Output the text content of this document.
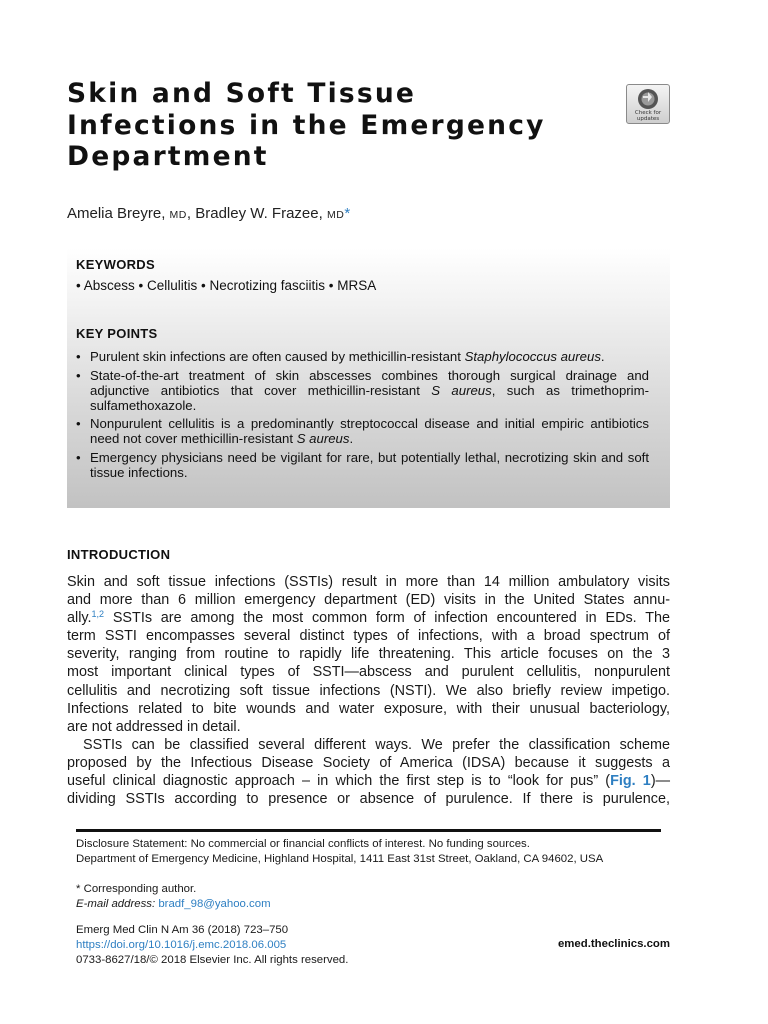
Skin and Soft Tissue
Infections in the Emergency
Department
Check for
updates

Amelia Breyre, MD, Bradley W. Frazee, MD*

KEYWORDS

• Abscess • Cellulitis • Necrotizing fasciitis • MRSA

KEY POINTS
• Purulent skin infections are often caused by methicillin-resistant Staphylococcus aureus.
• State-of-the-art treatment of skin abscesses combines thorough surgical drainage and adjunctive antibiotics that cover methicillin-resistant S aureus, such as trimethoprim-sulfamethoxazole.
• Nonpurulent cellulitis is a predominantly streptococcal disease and initial empiric antibiotics need not cover methicillin-resistant S aureus.
• Emergency physicians need be vigilant for rare, but potentially lethal, necrotizing skin and soft tissue infections.
INTRODUCTION

Skin and soft tissue infections (SSTIs) result in more than 14 million ambulatory visits

and more than 6 million emergency department (ED) visits in the United States annu-

ally.$^{1,2}$ SSTIs are among the most common form of infection encountered in EDs. The

term SSTI encompasses several distinct types of infections, with a broad spectrum of

severity, ranging from routine to rapidly life threatening. This article focuses on the 3

most important clinical types of SSTI—abscess and purulent cellulitis, nonpurulent

cellulitis and necrotizing soft tissue infections (NSTI). We also briefly review impetigo.

Infections related to bite wounds and water exposure, with their unusual bacteriology,

are not addressed in detail.

SSTIs can be classified several different ways. We prefer the classification scheme

proposed by the Infectious Disease Society of America (IDSA) because it suggests a

useful clinical diagnostic approach – in which the first step is to “look for pus” (Fig. 1)—

dividing SSTIs according to presence or absence of purulence. If there is purulence,

Disclosure Statement: No commercial or financial conflicts of interest. No funding sources.

Department of Emergency Medicine, Highland Hospital, 1411 East 31st Street, Oakland, CA 94602, USA

* Corresponding author.

E-mail address: bradf_98@yahoo.com

Emerg Med Clin N Am 36 (2018) 723–750

https://doi.org/10.1016/j.emc.2018.06.005	emed.theclinics.com

0733-8627/18/© 2018 Elsevier Inc. All rights reserved.
